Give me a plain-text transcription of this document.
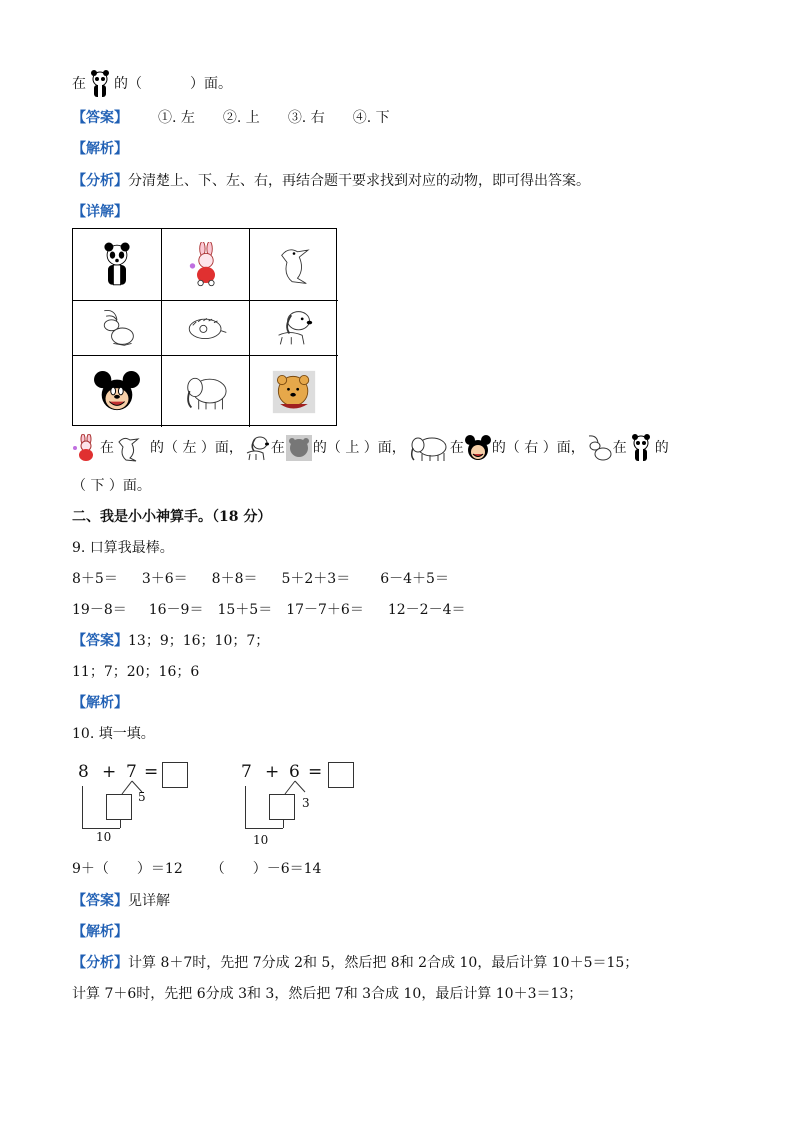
在 的（	）面。
【答案】 ①. 左 ②. 上 ③. 右 ④. 下
【解析】
【分析】分清楚上、下、左、右，再结合题干要求找到对应的动物，即可得出答案。
【详解】
在	的（ 左 ）面， 在 的（ 上 ）面，	在 的（ 右 ）面， 在 的
（ 下 ）面。
二、我是小小神算手。（18 分）
9. 口算我最棒。
8＋5＝ 3＋6＝ 8＋8＝ 5＋2＋3＝ 6－4＋5＝
19－8＝ 16－9＝ 15＋5＝ 17－7＋6＝ 12－2－4＝
【答案】13；9；16；10；7；
11；7；20；16；6
【解析】
10. 填一填。
8 + 7 =
5
10
7 + 6 =
3
10
9＋（　　）＝12 （　　）－6＝14
【答案】见详解
【解析】
【分析】计算 8＋7时，先把 7分成 2和 5，然后把 8和 2合成 10，最后计算 10＋5＝15；
计算 7＋6时，先把 6分成 3和 3，然后把 7和 3合成 10，最后计算 10＋3＝13；
